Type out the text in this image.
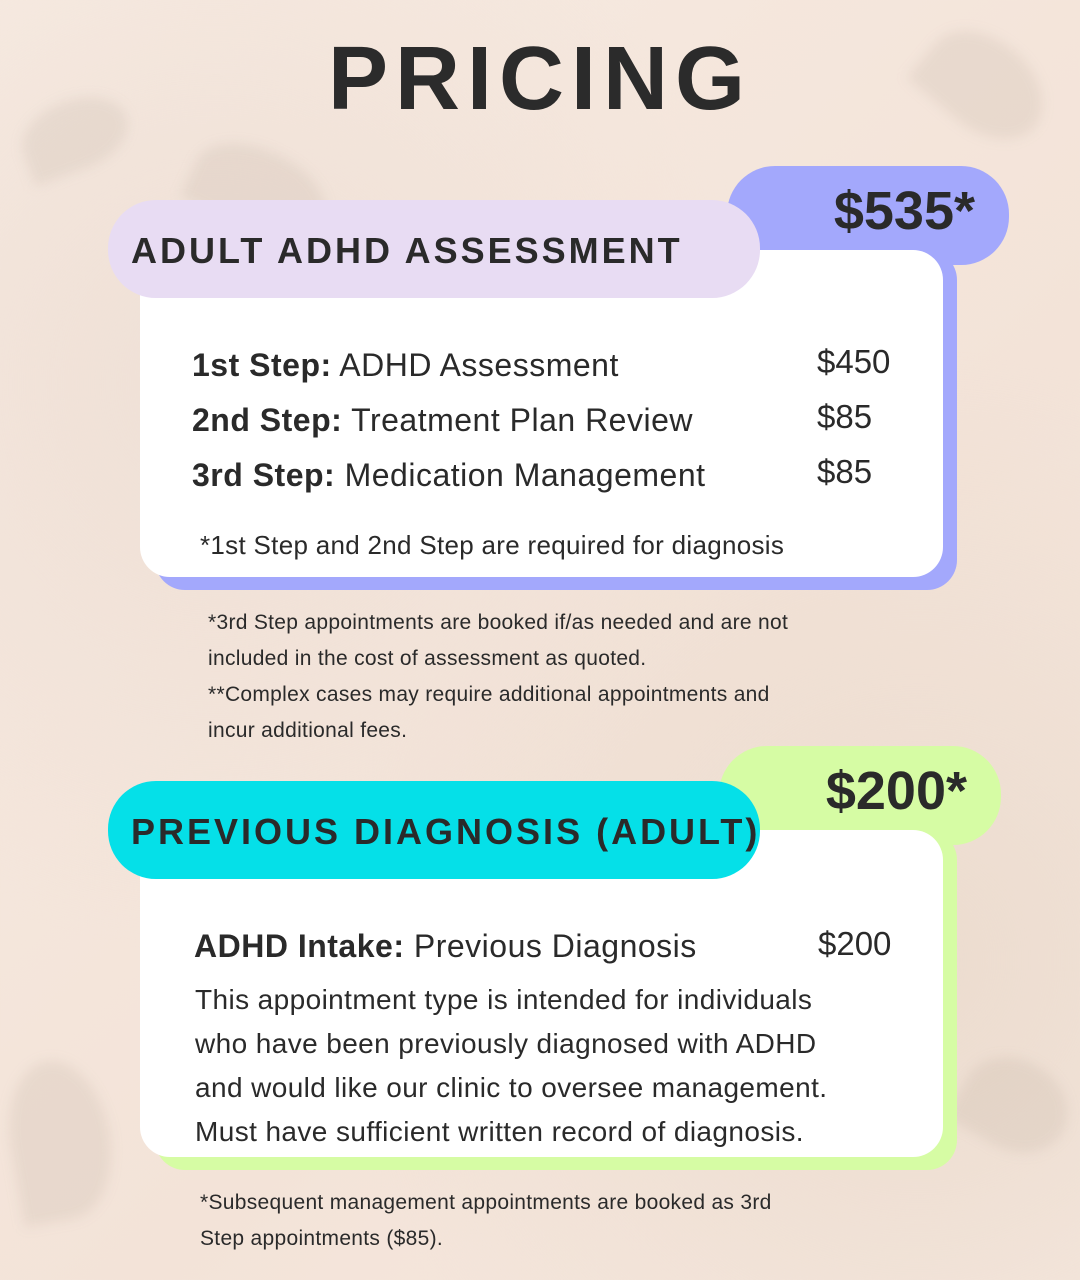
PRICING
$535*
ADULT ADHD ASSESSMENT
1st Step: ADHD Assessment	$450
2nd Step: Treatment Plan Review	$85
3rd Step: Medication Management	$85
*1st Step and 2nd Step are required for diagnosis
*3rd Step appointments are booked if/as needed and are not
included in the cost of assessment as quoted.
**Complex cases may require additional appointments and
incur additional fees.
$200*
PREVIOUS DIAGNOSIS (ADULT)
ADHD Intake: Previous Diagnosis	$200
This appointment type is intended for individuals
who have been previously diagnosed with ADHD
and would like our clinic to oversee management.
Must have sufficient written record of diagnosis.
*Subsequent management appointments are booked as 3rd
Step appointments ($85).
